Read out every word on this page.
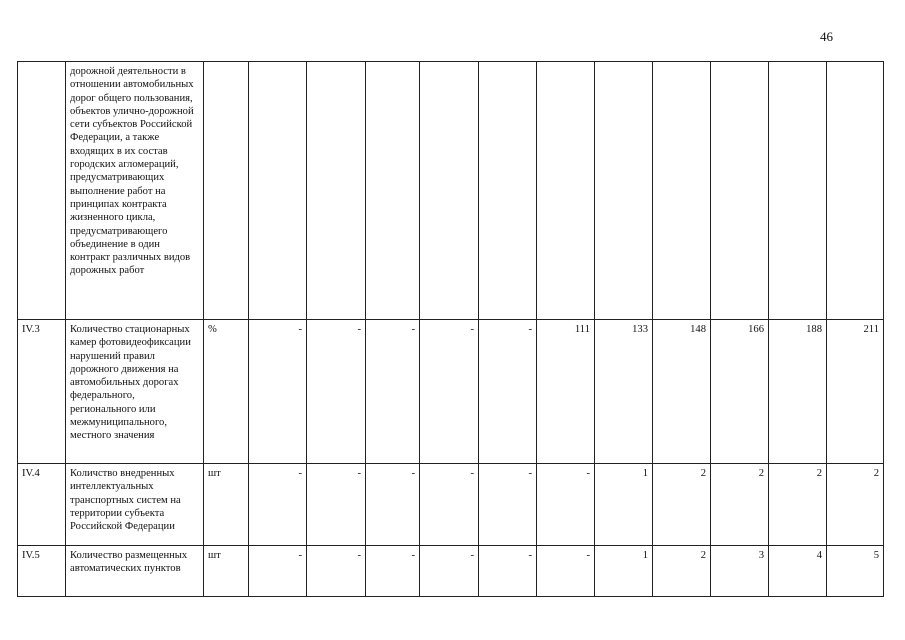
46
	дорожной деятельности в отношении автомобильных дорог общего пользования, объектов улично-дорожной сети субъектов Российской Федерации, а также входящих в их состав городских агломераций, предусматривающих выполнение работ на принципах контракта жизненного цикла, предусматривающего объединение в один контракт различных видов дорожных работ												
IV.3	Количество стационарных камер фотовидеофиксации нарушений правил дорожного движения на автомобильных дорогах федерального, регионального или межмуниципального, местного значения	%	-	-	-	-	-	111	133	148	166	188	211
IV.4	Количство внедренных интеллектуальных транспортных систем на территории субъекта Российской Федерации	шт	-	-	-	-	-	-	1	2	2	2	2
IV.5	Количество размещенных автоматических пунктов	шт	-	-	-	-	-	-	1	2	3	4	5
